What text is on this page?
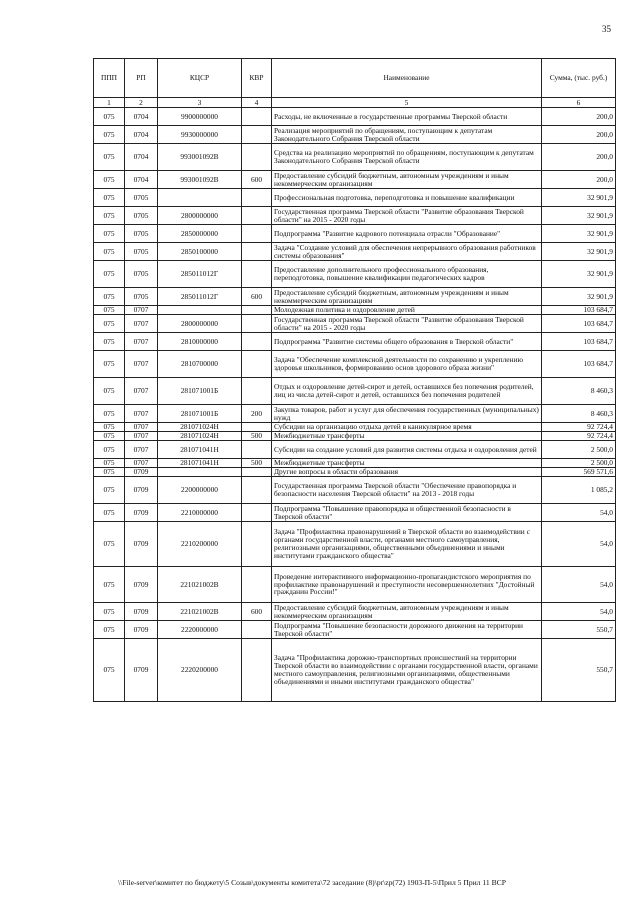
35
ППП	РП	КЦСР	КВР	Наименование	Сумма, (тыс. руб.)
1	2	3	4	5	6
075	0704	9900000000		Расходы, не включенные в государственные программы Тверской области	200,0
075	0704	9930000000		Реализация мероприятий по обращениям, поступающим к депутатам Законодательного Собрания Тверской области	200,0
075	0704	993001092В		Средства на реализацию мероприятий по обращениям, поступающим к депутатам Законодательного Собрания Тверской области	200,0
075	0704	993001092В	600	Предоставление субсидий бюджетным, автономным учреждениям и иным некоммерческим организациям	200,0
075	0705			Профессиональная подготовка, переподготовка и повышение квалификации	32 901,9
075	0705	2800000000		Государственная программа Тверской области "Развитие образования Тверской области" на 2015 - 2020 годы	32 901,9
075	0705	2850000000		Подпрограмма "Развитие кадрового потенциала отрасли "Образование"	32 901,9
075	0705	2850100000		Задача "Создание условий для обеспечения непрерывного образования работников системы образования"	32 901,9
075	0705	285011012Г		Предоставление дополнительного профессионального образования, переподготовка, повышение квалификации педагогических кадров	32 901,9
075	0705	285011012Г	600	Предоставление субсидий бюджетным, автономным учреждениям и иным некоммерческим организациям	32 901,9
075	0707			Молодежная политика и оздоровление детей	103 684,7
075	0707	2800000000		Государственная программа Тверской области "Развитие образования Тверской области" на 2015 - 2020 годы	103 684,7
075	0707	2810000000		Подпрограмма "Развитие системы общего образования в Тверской области"	103 684,7
075	0707	2810700000		Задача "Обеспечение комплексной деятельности по сохранению и укреплению здоровья школьников, формированию основ здорового образа жизни"	103 684,7
075	0707	281071001Б		Отдых и оздоровление детей-сирот и детей, оставшихся без попечения родителей, лиц из числа детей-сирот и детей, оставшихся без попечения родителей	8 460,3
075	0707	281071001Б	200	Закупка товаров, работ и услуг для обеспечения государственных (муниципальных) нужд	8 460,3
075	0707	281071024Н		Субсидии на организацию отдыха детей в каникулярное время	92 724,4
075	0707	281071024Н	500	Межбюджетные трансферты	92 724,4
075	0707	281071041Н		Субсидии на создание условий для развития системы отдыха и оздоровления детей	2 500,0
075	0707	281071041Н	500	Межбюджетные трансферты	2 500,0
075	0709			Другие вопросы в области образования	569 571,6
075	0709	2200000000		Государственная программа Тверской области "Обеспечение правопорядка и безопасности населения Тверской области" на 2013 - 2018 годы	1 085,2
075	0709	2210000000		Подпрограмма "Повышение правопорядка и общественной безопасности в Тверской области"	54,0
075	0709	2210200000		Задача "Профилактика правонарушений в Тверской области во взаимодействии с органами государственной власти, органами местного самоуправления, религиозными организациями, общественными объединениями и иными институтами гражданского общества"	54,0
075	0709	221021002В		Проведение интерактивного информационно-пропагандистского мероприятия по профилактике правонарушений и преступности несовершеннолетних "Достойный гражданин России!"	54,0
075	0709	221021002В	600	Предоставление субсидий бюджетным, автономным учреждениям и иным некоммерческим организациям	54,0
075	0709	2220000000		Подпрограмма "Повышение безопасности дорожного движения на территории Тверской области"	550,7
075	0709	2220200000		Задача "Профилактика дорожно-транспортных происшествий на территории Тверской области во взаимодействии с органами государственной власти, органами местного самоуправления, религиозными организациями, общественными объединениями и иными институтами гражданского общества"	550,7
\\File-server\комитет по бюджету\5 Созыв\документы комитета\72 заседание (8)\pr\zp(72) 1903-П-5\Прил 5 Прил 11 ВСР
